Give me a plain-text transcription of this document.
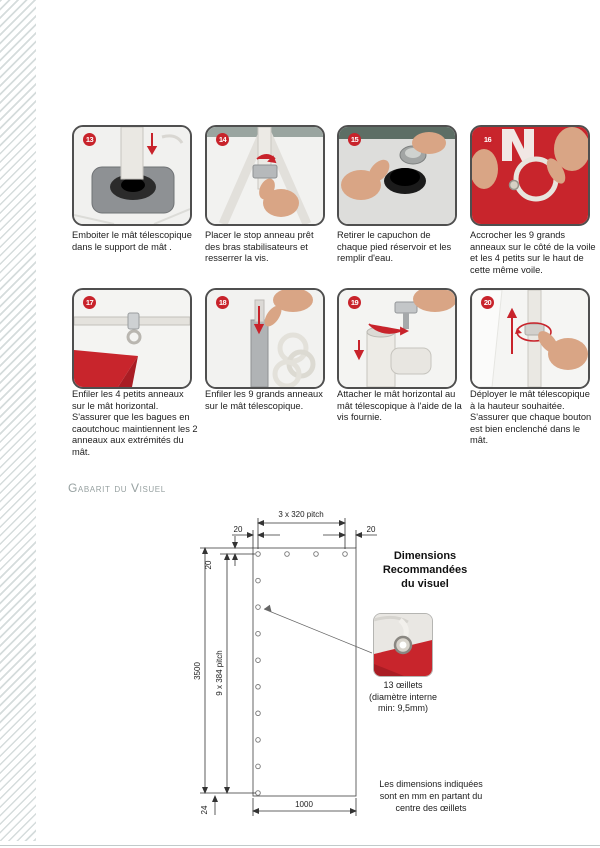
13	14	15	16
Emboiter le mât télescopique dans le support de mât .
Placer le stop anneau prêt des bras stabilisateurs et resserrer la vis.
Retirer le capuchon de chaque pied réservoir et les remplir d'eau.
Accrocher les 9 grands anneaux sur le côté de la voile et les 4 petits sur le haut de cette même voile.
17	18	19	20
Enfiler les 4 petits anneaux sur le mât horizontal. S'assurer que les bagues en caoutchouc maintiennent les 2 anneaux aux extrémités du mât.
Enfiler les 9 grands anneaux sur le mât télescopique.
Attacher le mât horizontal au mât télescopique à l'aide de la vis fournie.
Déployer le mât télescopique à la hauteur souhaitée. S'assurer que chaque bouton est bien enclenché dans le mât.
Gabarit du Visuel
3 x 320 pitch
20	20
20
3500 9 x 384 pitch
24
1000
Dimensions
Recommandées
du visuel
13 œillets
(diamètre interne
min: 9,5mm)
Les dimensions indiquées
sont en mm en partant du
centre des œillets
